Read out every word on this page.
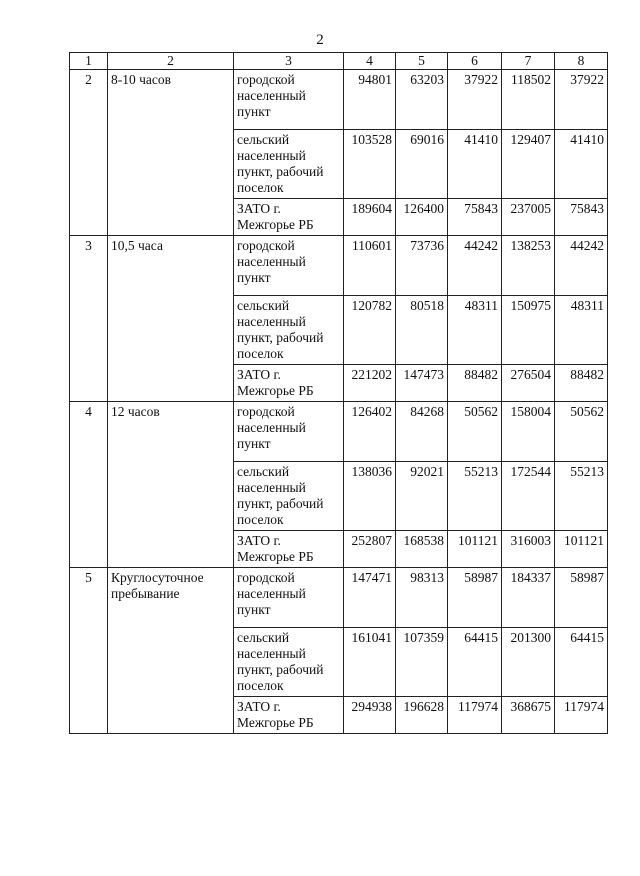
2
1	2	3	4	5	6	7	8
2	8-10 часов	городской населенный пункт	94801	63203	37922	118502	37922
		сельский населенный пункт, рабочий поселок	103528	69016	41410	129407	41410
		ЗАТО г. Межгорье РБ	189604	126400	75843	237005	75843
3	10,5 часа	городской населенный пункт	110601	73736	44242	138253	44242
		сельский населенный пункт, рабочий поселок	120782	80518	48311	150975	48311
		ЗАТО г. Межгорье РБ	221202	147473	88482	276504	88482
4	12 часов	городской населенный пункт	126402	84268	50562	158004	50562
		сельский населенный пункт, рабочий поселок	138036	92021	55213	172544	55213
		ЗАТО г. Межгорье РБ	252807	168538	101121	316003	101121
5	Круглосуточное пребывание	городской населенный пункт	147471	98313	58987	184337	58987
		сельский населенный пункт, рабочий поселок	161041	107359	64415	201300	64415
		ЗАТО г. Межгорье РБ	294938	196628	117974	368675	117974
